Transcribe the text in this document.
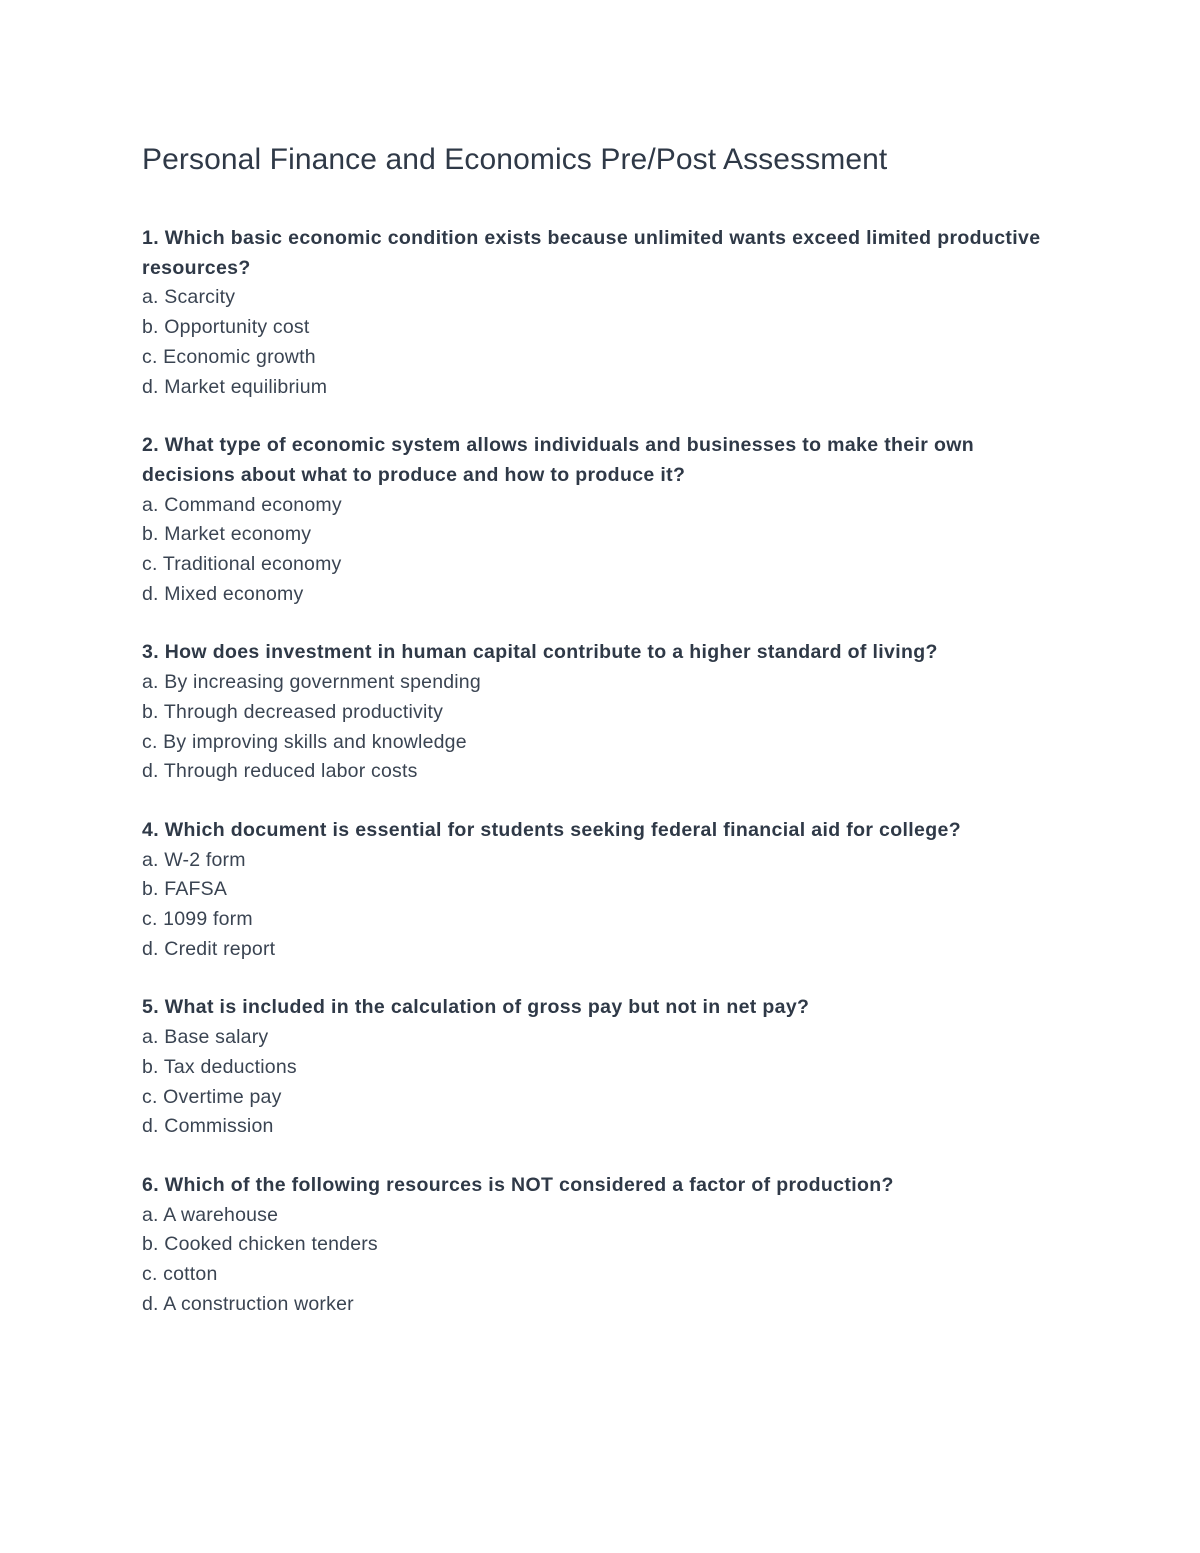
Personal Finance and Economics Pre/Post Assessment

1. Which basic economic condition exists because unlimited wants exceed limited productive resources?

a. Scarcity
b. Opportunity cost
c. Economic growth
d. Market equilibrium

2. What type of economic system allows individuals and businesses to make their own decisions about what to produce and how to produce it?

a. Command economy
b. Market economy
c. Traditional economy
d. Mixed economy

3. How does investment in human capital contribute to a higher standard of living?

a. By increasing government spending
b. Through decreased productivity
c. By improving skills and knowledge
d. Through reduced labor costs

4. Which document is essential for students seeking federal financial aid for college?

a. W-2 form
b. FAFSA
c. 1099 form
d. Credit report

5. What is included in the calculation of gross pay but not in net pay?

a. Base salary
b. Tax deductions
c. Overtime pay
d. Commission

6. Which of the following resources is NOT considered a factor of production?

a. A warehouse
b. Cooked chicken tenders
c. cotton
d. A construction worker
